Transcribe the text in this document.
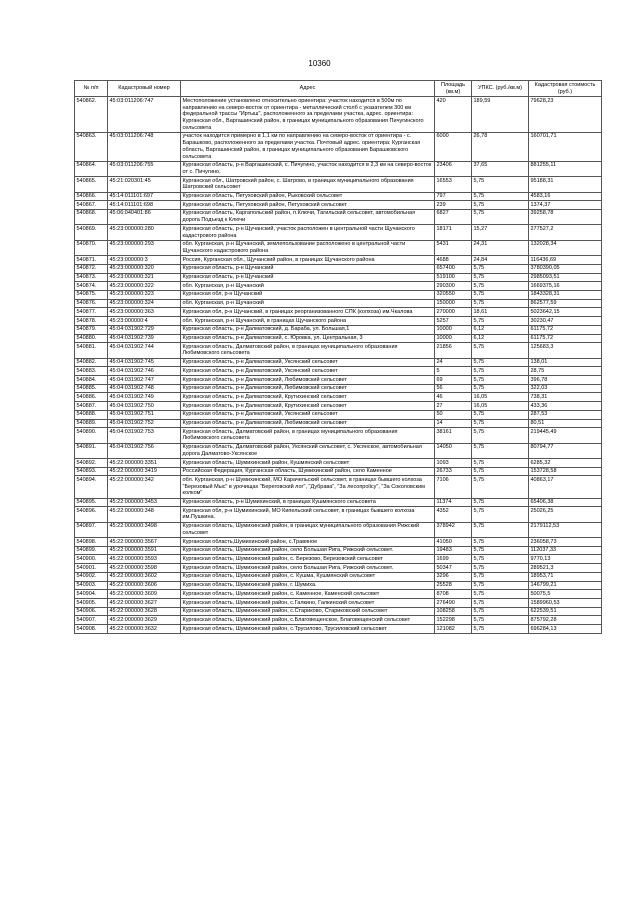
10360
№ п/п	Кадастровый номер	Адрес	Площадь (кв.м)	УПКС. (руб./кв.м)	Кадастровая стоимость (руб.)
540862.	45:03:011206:747	Местоположение установлено относительно ориентира: участок находится в 500м по направлению на северо-восток от ориентира - металлический столб с указателем 300 км федеральной трассы "Иртыш", расположенного за пределами участка, адрес. ориентира: Курганская обл., Варгашинский район, в границах муниципального образования Пичугинского сельсовета	420	189,59	79628,23
540863.	45:03:011206:748	участок находится примерно в 1,1 км по направлению на северо-восток от ориентира - с. Барашково, расположенного за пределами участка. Почтовый адрес. ориентира: Курганская область, Варгашинский район, в границах муниципального образования Барашковского сельсовета	6000	26,78	160701,71
540864.	45:03:011206:755	Курганская область, р-н Варгашинский, с. Пичугино, участок находится в 2,3 км на северо-восток от с. Пичугино.	23406	37,65	881255,11
540865.	45:21:020301:45	Курганская обл., Шатровский район, с. Шатрово, в границах муниципального образования Шатровский сельсовет	16553	5,75	95188,31
540866.	45:14:011101:697	Курганская область, Петуховский район, Рыковский сельсовет	797	5,75	4583,16
540867.	45:14:011101:698	Курганская область, Петуховский район, Петуховский сельсовет	239	5,75	1374,37
540868.	45:06:040401:86	Курганская область, Каргапольский район, п.Ключи, Тагильский сельсовет, автомобильная дорога Подъезд к Ключи	6827	5,75	39258,78
540869.	45:23:000000:280	Курганская область, р-н Щучанский, участок расположен в центральной части Щучанского кадастрового района	18171	15,27	277527,2
540870.	45:23:000000:293	обл. Курганская, р-н Щучанский, землепользование расположено в центральной части Щучанского кадастрового района	5431	24,31	132028,34
540871.	45:23:000000:3	Россия, Курганская обл., Щучанский район, в границах Щучанского района	4688	24,84	116436,69
540872.	45:23:000000:320	Курганская область, р-н Щучанский	657400	5,75	3780390,05
540873.	45:23:000000:321	Курганская область, р-н Щучанский	519100	5,75	2985093,51
540874.	45:23:000000:322	обл. Курганская, р-н Щучанский	290300	5,75	1669375,16
540875.	45:23:000000:323	Курганская обл, р-н Щучанский	320550	5,75	1843328,31
540876.	45:23:000000:324	обл. Курганская, р-н Щучанский	150000	5,75	862577,59
540877.	45:23:000000:363	Курганская обл, р-н Щучанский, в границах реорганизованного СПК (колхоза) им.Чкалова	270000	18,61	5023642,15
540878.	45:23:000000:4	обл. Курганская, р-н Щучанский, в границах Щучанского района	5257	5,75	30230,47
540879.	45:04:031902:729	Курганская область, р-н Далматовский, д. Бараба, ул. Большая,1	10000	6,12	61175,72
540880.	45:04:031902:739	Курганская область, р-н Далматовский, с. Юровка, ул. Центральная, 3	10000	6,12	61175,72
540881.	45:04:031902:744	Курганская область, Далматовский район, в границах муниципального образования Любимовского сельсовета	21856	5,75	125683,3
540882.	45:04:031902:745	Курганская область, р-н Далматовский, Уксянский сельсовет	24	5,75	138,01
540883.	45:04:031902:746	Курганская область, р-н Далматовский, Уксянский сельсовет	5	5,75	28,75
540884.	45:04:031902:747	Курганская область, р-н Далматовский, Любимовский сельсовет	69	5,75	396,78
540885.	45:04:031902:748	Курганская область, р-н Далматовский, Любимовский сельсовет	56	5,75	322,03
540886.	45:04:031902:749	Курганская область, р-н Далматовский, Крутихинский сельсовет	46	16,05	738,31
540887.	45:04:031902:750	Курганская область, р-н Далматовский, Крутихинский сельсовет	27	16,05	433,36
540888.	45:04:031902:751	Курганская область, р-н Далматовский, Уксянский сельсовет	50	5,75	287,53
540889.	45:04:031902:752	Курганская область, р-н Далматовский, Любимовский сельсовет	14	5,75	80,51
540890.	45:04:031902:753	Курганская область, Далматовский район, в границах муниципального образования Любимовского сельсовета	38161	5,75	219445,49
540891.	45:04:031902:756	Курганская область, Далматовский район, Уксянский сельсовет, с. Уксянское, автомобильная дорога Далматово-Уксянское	14050	5,75	80794,77
540892.	45:22:000000:3351	Курганская область, Шумихинский район, Кушмянский сельсовет	1093	5,75	6285,32
540893.	45:22:000000:3419	Российская Федерация, Курганская область, Шумихинский район, село Каменное	26733	5,75	153728,58
540894.	45:22:000000:342	обл. Курганская, р-н Шумихинский, МО Карачельский сельсовет, в границах бывшего колхоза "Березовый Мыс" в урочищах "Береговский лог", "Дубрава", "За лесопpolicy", "За Соколовским колком"	7106	5,75	40863,17
540895.	45:22:000000:3453	Курганская область, р-н Шумихинский, в границах Кушмянского сельсовета	11374	5,75	65406,38
540896.	45:22:000000:348	Курганская обл, р-н Шумихинский, МО Кипельский сельсовет, в границах бывшего колхоза им.Пушкина.	4352	5,75	25026,25
540897.	45:22:000000:3498	Курганская область, Шумихинский район, в границах муниципального образования Рижский сельсовет	378942	5,75	2179112,53
540898.	45:22:000000:3567	Курганская область,Шумихинский район, с.Травяное	41050	5,75	236058,73
540899.	45:22:000000:3591	Курганская область, Шумихинский район, село Большая Рига, Рижский сельсовет.	19483	5,75	112037,33
540900.	45:22:000000:3593	Курганская область, Шумихинский район, с. Березово, Березовский сельсовет	1699	5,75	9770,13
540901.	45:22:000000:3598	Курганская область, Шумихинский район, село Большая Рига, Рижский сельсовет.	50347	5,75	289521,3
540902.	45:22:000000:3602	Курганская область, Шумихинский район, с. Кушма, Кушмянский сельсовет	3296	5,75	18953,71
540903.	45:22:000000:3606	Курганская область, Шумихинский район, г. Шумиха.	25528	5,75	146799,21
540904.	45:22:000000:3609	Курганская область, Шумихинский район, с. Каменное, Каменский сельсовет	8708	5,75	50075,5
540905.	45:22:000000:3627	Курганская область, Шумихинский район, с.Галкино, Галкинский сельсовет	276490	5,75	1589960,53
540906.	45:22:000000:3628	Курганская область, Шумихинский район, с.Стариково, Стариковский сельсовет	108258	5,75	622539,51
540907.	45:22:000000:3629	Курганская область, Шумихинский район, с.Благовещенское, Благовещенский сельсовет	152298	5,75	875792,28
540908.	45:22:000000:3632	Курганская область, Шумихинский район, с.Трусилово, Трусиловский сельсовет	121082	5,75	696284,13
